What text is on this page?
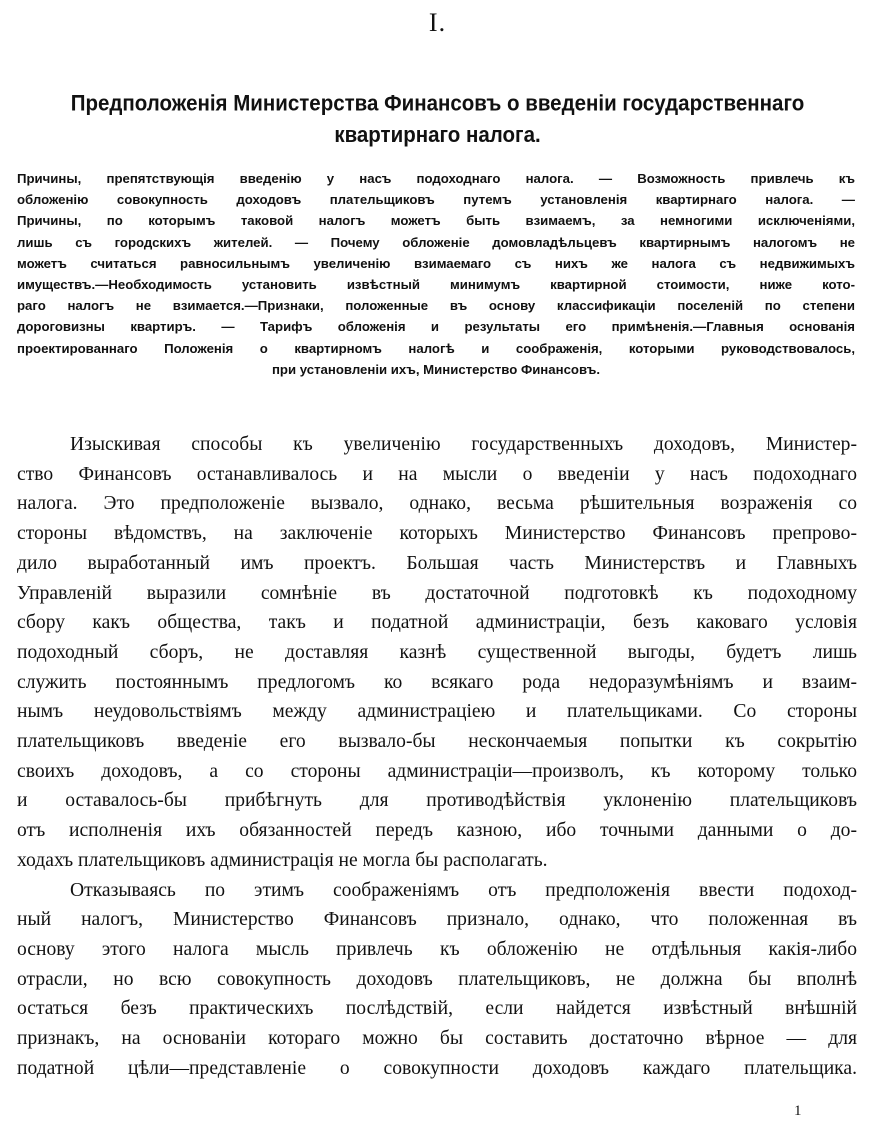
I.
Предположенія Министерства Финансовъ о введеніи государственнаго
квартирнаго налога.
Причины, препятствующія введенію у насъ подоходнаго налога. — Возможность привлечь къ
обложенію совокупность доходовъ плательщиковъ путемъ установленія квартирнаго налога. —
Причины, по которымъ таковой налогъ можетъ быть взимаемъ, за немногими исключеніями,
лишь съ городскихъ жителей. — Почему обложеніе домовладѣльцевъ квартирнымъ налогомъ не
можетъ считаться равносильнымъ увеличенію взимаемаго съ нихъ же налога съ недвижимыхъ
имуществъ.—Необходимость установить извѣстный минимумъ квартирной стоимости, ниже кото-
раго налогъ не взимается.—Признаки, положенные въ основу классификаціи поселеній по степени
дороговизны квартиръ. — Тарифъ обложенія и результаты его примѣненія.—Главныя основанія
проектированнаго Положенія о квартирномъ налогѣ и соображенія, которыми руководствовалось,
при установленіи ихъ, Министерство Финансовъ.
Изыскивая способы къ увеличенію государственныхъ доходовъ, Министер-
ство Финансовъ останавливалось и на мысли о введеніи у насъ подоходнаго
налога. Это предположеніе вызвало, однако, весьма рѣшительныя возраженія со
стороны вѣдомствъ, на заключеніе которыхъ Министерство Финансовъ препрово-
дило выработанный имъ проектъ. Большая часть Министерствъ и Главныхъ
Управленій выразили сомнѣніе въ достаточной подготовкѣ къ подоходному
сбору какъ общества, такъ и податной администраціи, безъ каковаго условія
подоходный сборъ, не доставляя казнѣ существенной выгоды, будетъ лишь
служить постояннымъ предлогомъ ко всякаго рода недоразумѣніямъ и взаим-
нымъ неудовольствіямъ между администраціею и плательщиками. Со стороны
плательщиковъ введеніе его вызвало-бы нескончаемыя попытки къ сокрытію
своихъ доходовъ, а со стороны администраціи—произволъ, къ которому только
и оставалось-бы прибѣгнуть для противодѣйствія уклоненію плательщиковъ
отъ исполненія ихъ обязанностей передъ казною, ибо точными данными о до-
ходахъ плательщиковъ администрація не могла бы располагать.
Отказываясь по этимъ соображеніямъ отъ предположенія ввести подоход-
ный налогъ, Министерство Финансовъ признало, однако, что положенная въ
основу этого налога мысль привлечь къ обложенію не отдѣльныя какія-либо
отрасли, но всю совокупность доходовъ плательщиковъ, не должна бы вполнѣ
остаться безъ практическихъ послѣдствій, если найдется извѣстный внѣшній
признакъ, на основаніи котораго можно бы составить достаточно вѣрное — для
податной цѣли—представленіе о совокупности доходовъ каждаго плательщика.
1
